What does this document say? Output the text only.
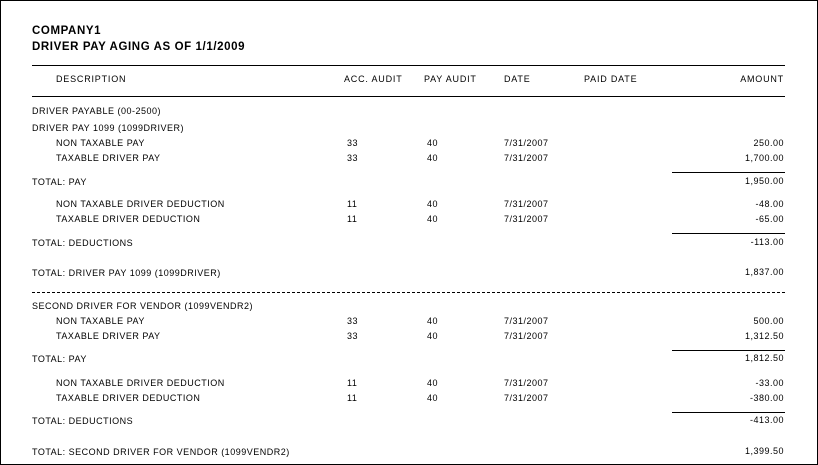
COMPANY1
DRIVER PAY AGING AS OF 1/1/2009
DESCRIPTION	ACC. AUDIT PAY AUDIT	DATE	PAID DATE	AMOUNT
DRIVER PAYABLE (00-2500)
DRIVER PAY 1099 (1099DRIVER)
NON TAXABLE PAY	33	40	7/31/2007	250.00
TAXABLE DRIVER PAY	33	40	7/31/2007	1,700.00
TOTAL: PAY	1,950.00
NON TAXABLE DRIVER DEDUCTION	11	40	7/31/2007	-48.00
TAXABLE DRIVER DEDUCTION	11	40	7/31/2007	-65.00
TOTAL: DEDUCTIONS	-113.00
TOTAL: DRIVER PAY 1099 (1099DRIVER)	1,837.00
SECOND DRIVER FOR VENDOR (1099VENDR2)
NON TAXABLE PAY	33	40	7/31/2007	500.00
TAXABLE DRIVER PAY	33	40	7/31/2007	1,312.50
TOTAL: PAY	1,812.50
NON TAXABLE DRIVER DEDUCTION	11	40	7/31/2007	-33.00
TAXABLE DRIVER DEDUCTION	11	40	7/31/2007	-380.00
TOTAL: DEDUCTIONS	-413.00
TOTAL: SECOND DRIVER FOR VENDOR (1099VENDR2)	1,399.50
